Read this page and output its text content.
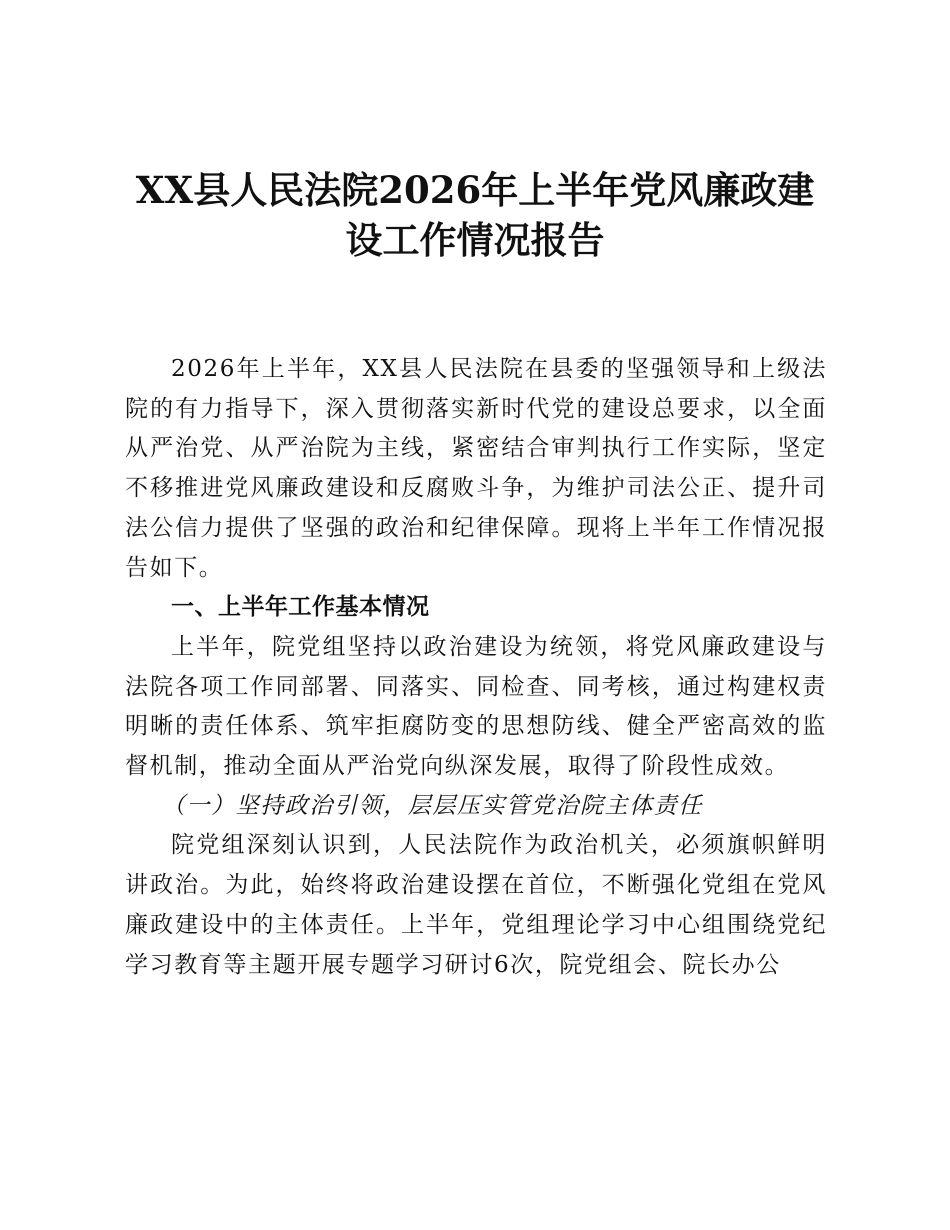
XX县人民法院2026年上半年党风廉政建设工作情况报告

2026年上半年，XX县人民法院在县委的坚强领导和上级法院的有力指导下，深入贯彻落实新时代党的建设总要求，以全面从严治党、从严治院为主线，紧密结合审判执行工作实际，坚定不移推进党风廉政建设和反腐败斗争，为维护司法公正、提升司法公信力提供了坚强的政治和纪律保障。现将上半年工作情况报告如下。

一、上半年工作基本情况

上半年，院党组坚持以政治建设为统领，将党风廉政建设与法院各项工作同部署、同落实、同检查、同考核，通过构建权责明晰的责任体系、筑牢拒腐防变的思想防线、健全严密高效的监督机制，推动全面从严治党向纵深发展，取得了阶段性成效。

（一）坚持政治引领，层层压实管党治院主体责任

院党组深刻认识到，人民法院作为政治机关，必须旗帜鲜明讲政治。为此，始终将政治建设摆在首位，不断强化党组在党风廉政建设中的主体责任。上半年，党组理论学习中心组围绕党纪学习教育等主题开展专题学习研讨6次，院党组会、院长办公
